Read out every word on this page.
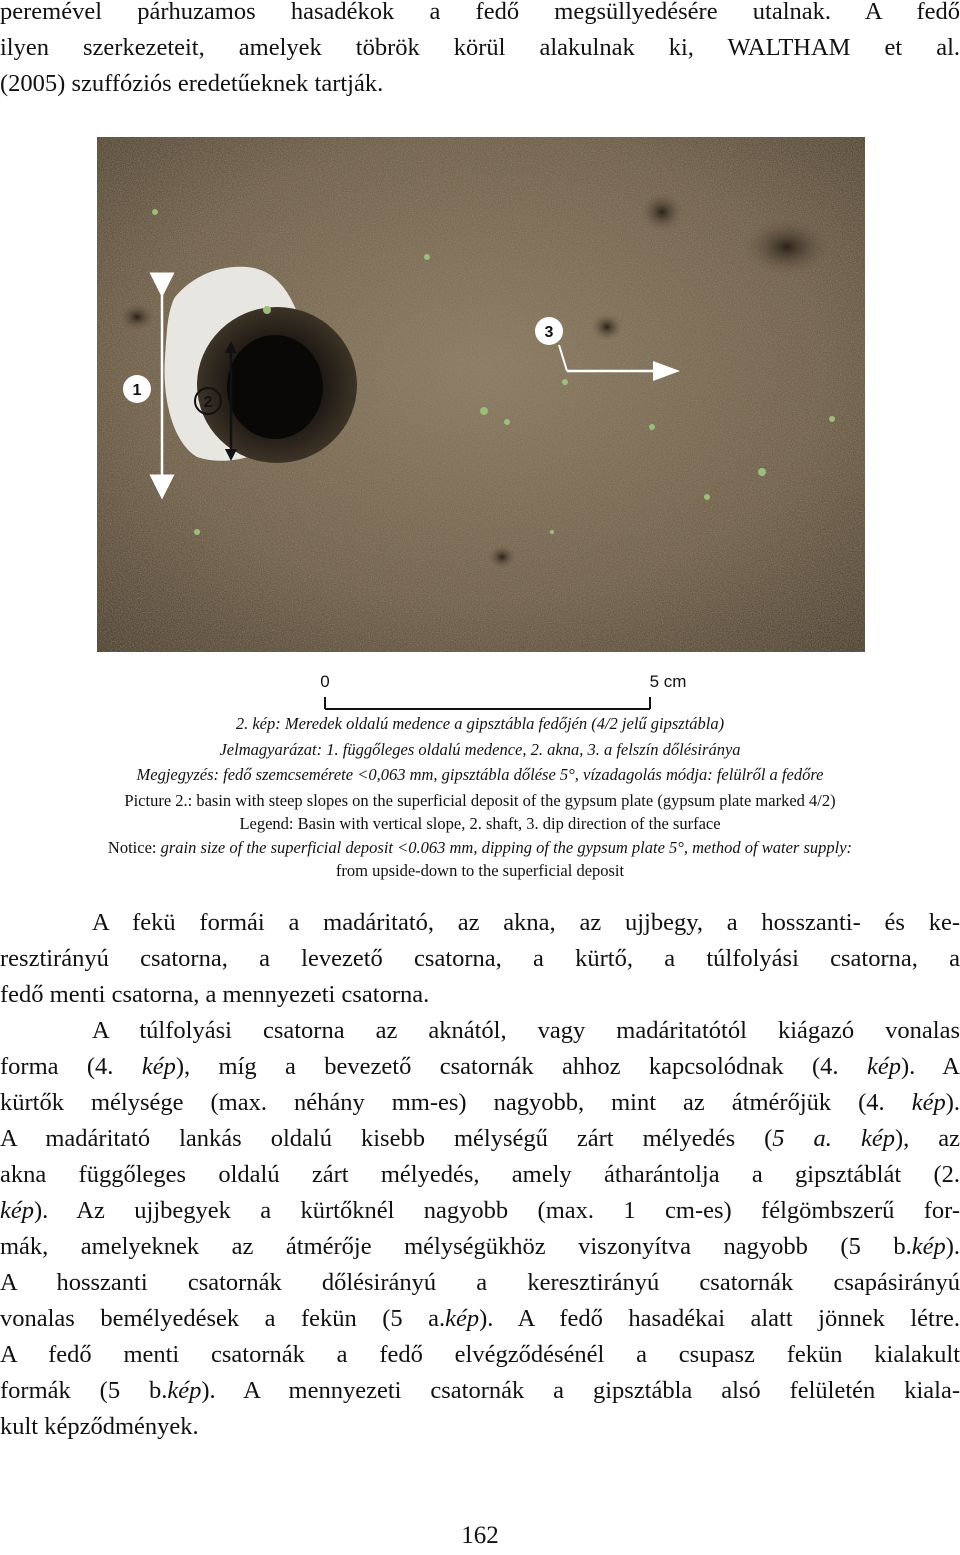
peremével párhuzamos hasadékok a fedő megsüllyedésére utalnak. A fedő
ilyen szerkezeteit, amelyek töbrök körül alakulnak ki, WALTHAM et al.
(2005) szuffóziós eredetűeknek tartják.
1
2
3
0	5 cm
2. kép: Meredek oldalú medence a gipsztábla fedőjén (4/2 jelű gipsztábla)
Jelmagyarázat: 1. függőleges oldalú medence, 2. akna, 3. a felszín dőlésiránya
Megjegyzés: fedő szemcsemérete <0,063 mm, gipsztábla dőlése 5°, vízadagolás módja: felülről a fedőre
Picture 2.: basin with steep slopes on the superficial deposit of the gypsum plate (gypsum plate marked 4/2)
Legend: Basin with vertical slope, 2. shaft, 3. dip direction of the surface
Notice: grain size of the superficial deposit <0.063 mm, dipping of the gypsum plate 5°, method of water supply:
from upside-down to the superficial deposit
A fekü formái a madáritató, az akna, az ujjbegy, a hosszanti- és ke-
resztirányú csatorna, a levezető csatorna, a kürtő, a túlfolyási csatorna, a
fedő menti csatorna, a mennyezeti csatorna.
A túlfolyási csatorna az aknától, vagy madáritatótól kiágazó vonalas
forma (4. kép), míg a bevezető csatornák ahhoz kapcsolódnak (4. kép). A
kürtők mélysége (max. néhány mm-es) nagyobb, mint az átmérőjük (4. kép).
A madáritató lankás oldalú kisebb mélységű zárt mélyedés (5 a. kép), az
akna függőleges oldalú zárt mélyedés, amely átharántolja a gipsztáblát (2.
kép). Az ujjbegyek a kürtőknél nagyobb (max. 1 cm-es) félgömbszerű for-
mák, amelyeknek az átmérője mélységükhöz viszonyítva nagyobb (5 b.kép).
A hosszanti csatornák dőlésirányú a keresztirányú csatornák csapásirányú
vonalas bemélyedések a fekün (5 a.kép). A fedő hasadékai alatt jönnek létre.
A fedő menti csatornák a fedő elvégződésénél a csupasz fekün kialakult
formák (5 b.kép). A mennyezeti csatornák a gipsztábla alsó felületén kiala-
kult képződmények.
162
